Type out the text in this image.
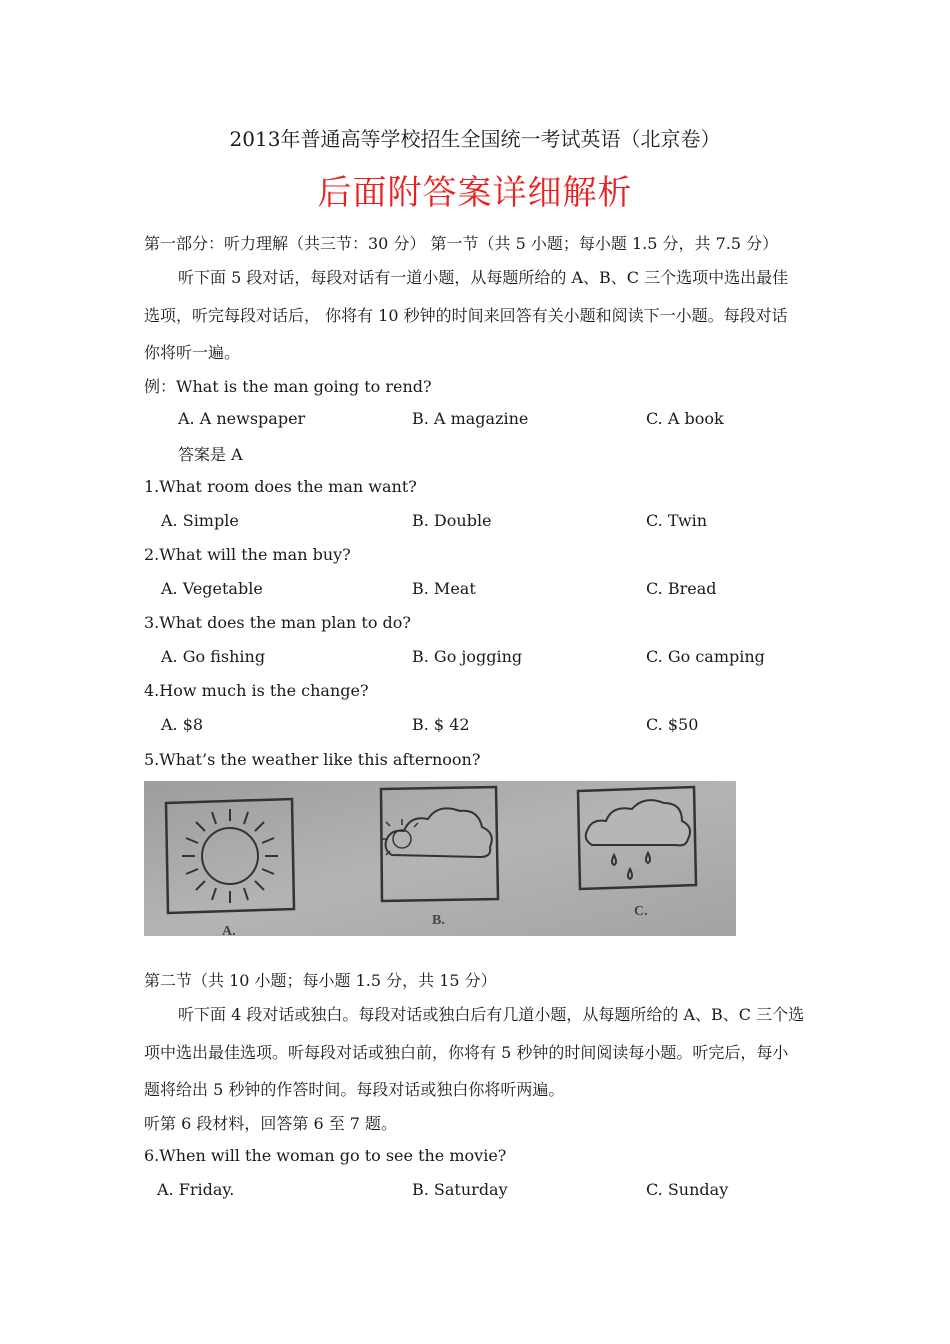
2013年普通高等学校招生全国统一考试英语（北京卷）
后面附答案详细解析
第一部分：听力理解（共三节：30 分） 第一节（共 5 小题；每小题 1.5 分，共 7.5 分）
听下面 5 段对话，每段对话有一道小题，从每题所给的 A、B、C 三个选项中选出最佳
选项，听完每段对话后， 你将有 10 秒钟的时间来回答有关小题和阅读下一小题。每段对话
你将听一遍。
例：What is the man going to rend?
A. A newspaper	B. A magazine	C. A book
答案是 A
1.What room does the man want?
A. Simple	B. Double	C. Twin
2.What will the man buy?
A. Vegetable	B. Meat	C. Bread
3.What does the man plan to do?
A. Go fishing	B. Go jogging	C. Go camping
4.How much is the change?
A. $8	B. $ 42	C. $50
5.What’s the weather like this afternoon?
B.
C.
A.
第二节（共 10 小题；每小题 1.5 分，共 15 分）
听下面 4 段对话或独白。每段对话或独白后有几道小题，从每题所给的 A、B、C 三个选
项中选出最佳选项。听每段对话或独白前，你将有 5 秒钟的时间阅读每小题。听完后，每小
题将给出 5 秒钟的作答时间。每段对话或独白你将听两遍。
听第 6 段材料，回答第 6 至 7 题。
6.When will the woman go to see the movie?
A. Friday.	B. Saturday	C. Sunday
